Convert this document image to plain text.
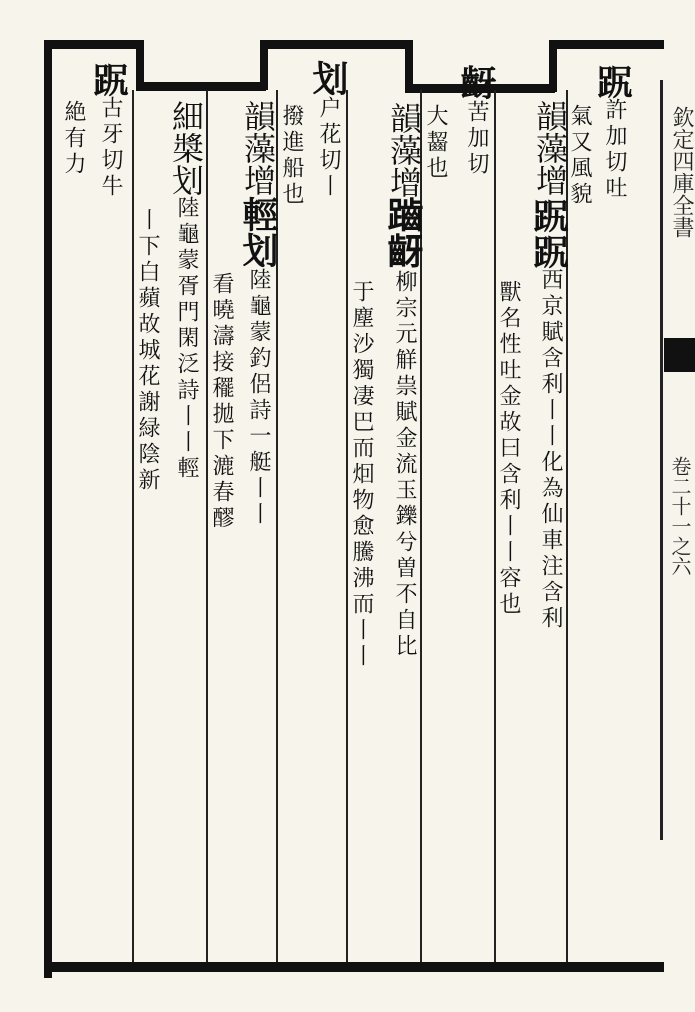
𧿻許加切吐
氣又風貌
韻藻增𧿻𧿻西京賦含利丨丨化為仙車注含利
獸名性吐金故曰含利丨丨容也
齖苦加切
大齧也
韻藻增𪘏齖柳宗元觧祟賦金流玉鑠兮曽不自比
于塵沙獨凄巴而𤇆物愈騰沸而丨丨
划户花切丨
撥進船也
韻藻增輕划陸龜蒙釣侶詩一艇丨丨
看曉濤接䆉拋下漉春醪
細槳划陸龜蒙胥門閑泛詩丨丨輕
丨下白蘋故城花謝緑陰新
𧿻古牙切牛
絶有力	欽定四庫全書
卷二十一之六
